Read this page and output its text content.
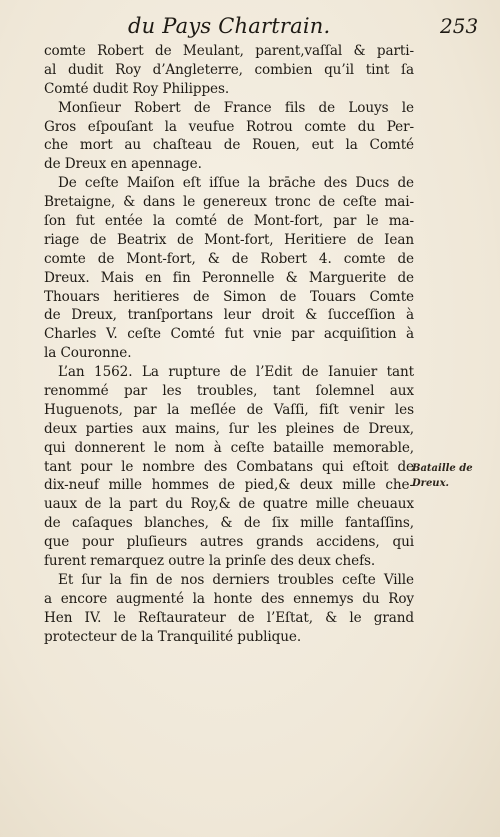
du Pays Chartrain.	253
comte Robert de Meulant, parent,vaſſal & parti-
al dudit Roy d’Angleterre, combien qu’il tint ſa
Comté dudit Roy Philippes.
Monſieur Robert de France fils de Louys le
Gros eſpouſant la veufue Rotrou comte du Per-
che mort au chaſteau de Rouen, eut la Comté
de Dreux en apennage.
De ceſte Maiſon eſt iſſue la brāche des Ducs de
Bretaigne, & dans le genereux tronc de ceſte mai-
ſon fut entée la comté de Mont-fort, par le ma-
riage de Beatrix de Mont-fort, Heritiere de Iean
comte de Mont-fort, & de Robert 4. comte de
Dreux. Mais en fin Peronnelle & Marguerite de
Thouars heritieres de Simon de Touars Comte
de Dreux, tranſportans leur droit & ſucceſſion à
Charles V. ceſte Comté fut vnie par acquiſition à
la Couronne.
L’an 1562. La rupture de l’Edit de Ianuier tant
renommé par les troubles, tant ſolemnel aux
Huguenots, par la meſlée de Vaſſi, fiſt venir les
deux parties aux mains, ſur les pleines de Dreux,
qui donnerent le nom à ceſte bataille memorable,
tant pour le nombre des Combatans qui eſtoit de
dix-neuf mille hommes de pied,& deux mille che-
uaux de la part du Roy,& de quatre mille cheuaux
de caſaques blanches, & de ſix mille fantaſſins,
que pour pluſieurs autres grands accidens, qui
furent remarquez outre la prinſe des deux chefs.
Et ſur la fin de nos derniers troubles ceſte Ville
a encore augmenté la honte des ennemys du Roy
Hen IV. le Reſtaurateur de l’Eſtat, & le grand
protecteur de la Tranquilité publique.
Bataille de
Dreux.
